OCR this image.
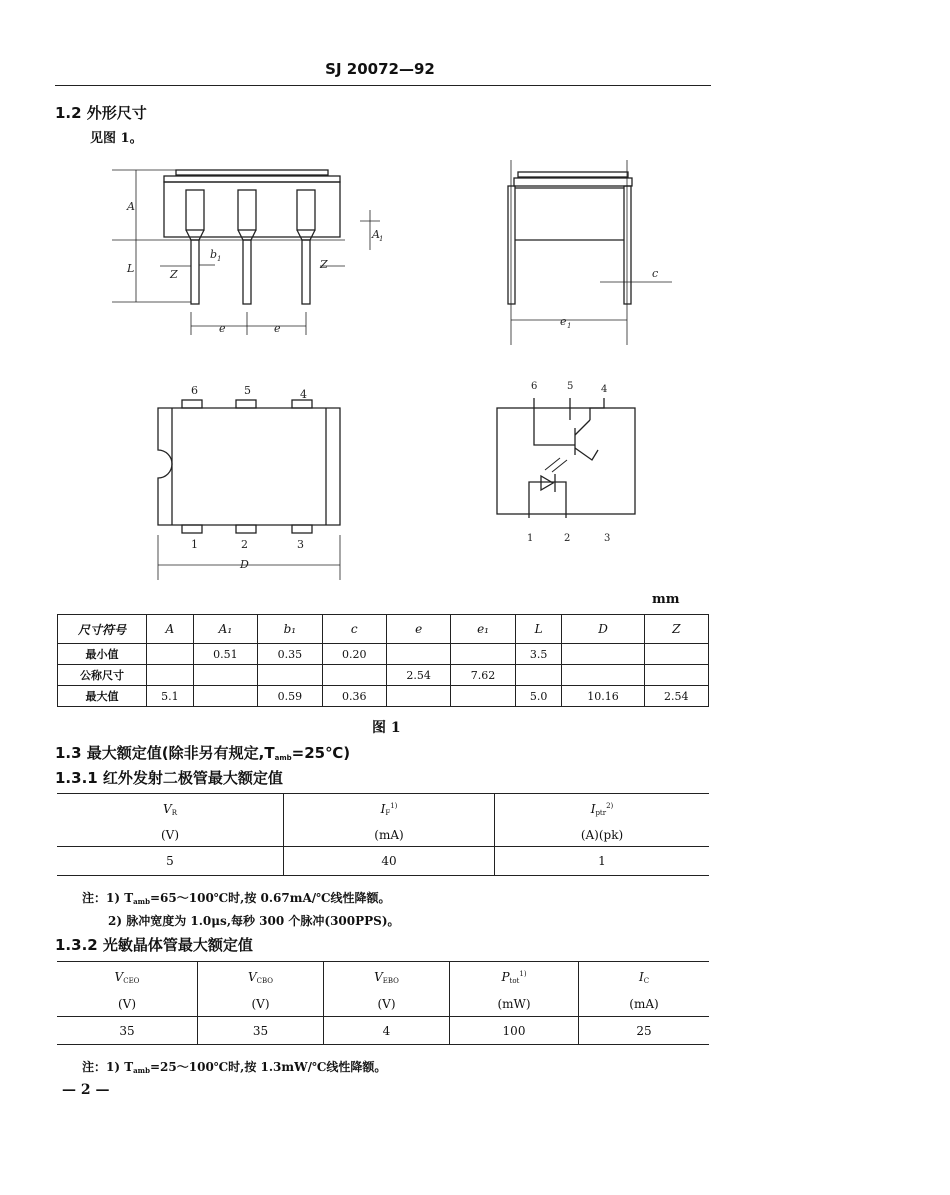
SJ 20072—92
1.2 外形尺寸
见图 1。
A
L	Z
Z
A 1
b 1
e	e
c
e 1
6	5	4
1	2	3
D
6	5	4
1	2	3
mm
尺寸符号	A	A₁	b₁	c	e	e₁	L	D	Z
最小值		0.51	0.35	0.20			3.5		
公称尺寸					2.54	7.62			
最大值	5.1		0.59	0.36			5.0	10.16	2.54
图 1
1.3 最大额定值(除非另有规定$,T_{amb}=25℃$)
1.3.1 红外发射二极管最大额定值
$V_R$	$I_F^{1)}$	$I_{ptr}^{2)}$
(V)	(mA)	(A)(pk)
5	40	1
注：1) $T_{amb}=65\sim 100℃$时,按 0.67mA/℃线性降额。
2) 脉冲宽度为 1.0μs,每秒 300 个脉冲(300PPS)。
1.3.2 光敏晶体管最大额定值
$V_{CEO}$	$V_{CBO}$	$V_{EBO}$	$P_{tot}^{1)}$	$I_C$
(V)	(V)	(V)	(mW)	(mA)
35	35	4	100	25
注：1) $T_{amb}=25\sim 100℃$时,按 1.3mW/℃线性降额。
— 2 —
